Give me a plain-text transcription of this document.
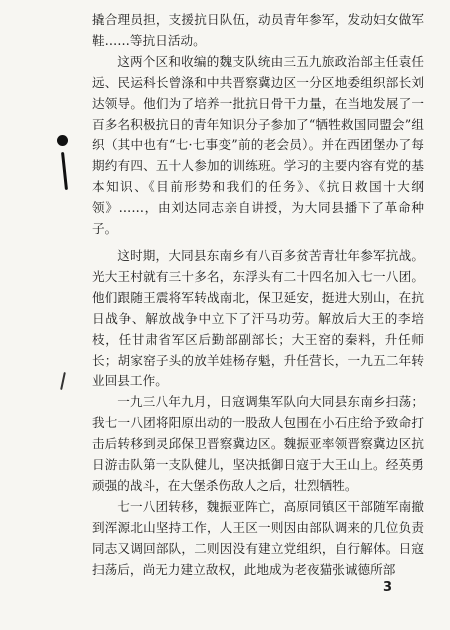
撬合理员担，支援抗日队伍，动员青年参军，发动妇女做军鞋……等抗日活动。

这两个区和收编的魏支队统由三五九旅政治部主任袁任远、民运科长曾涤和中共晋察冀边区一分区地委组织部长刘达领导。他们为了培养一批抗日骨干力量，在当地发展了一百多名积极抗日的青年知识分子参加了“牺牲救国同盟会”组织（其中也有“七·七事变”前的老会员）。并在西团堡办了每期约有四、五十人参加的训练班。学习的主要内容有党的基本知识、《目前形势和我们的任务》、《抗日救国十大纲领》……，由刘达同志亲自讲授，为大同县播下了革命种子。

这时期，大同县东南乡有八百多贫苦青壮年参军抗战。光大王村就有三十多名，东浮头有二十四名加入七一八团。他们跟随王震将军转战南北，保卫延安，挺进大别山，在抗日战争、解放战争中立下了汗马功劳。解放后大王的李培枝，任甘肃省军区后勤部副部长；大王窑的秦料，升任师长；胡家窑子头的放羊娃杨存魁，升任营长，一九五二年转业回县工作。

一九三八年九月，日寇调集军队向大同县东南乡扫荡；我七一八团将阳原出动的一股敌人包围在小石庄给予致命打击后转移到灵邱保卫晋察冀边区。魏振亚率领晋察冀边区抗日游击队第一支队健儿，坚决抵御日寇于大王山上。经英勇顽强的战斗，在大堡杀伤敌人之后，壮烈牺牲。

七一八团转移，魏振亚阵亡，高原同镇区干部随军南撤到浑源北山坚持工作，人王区一则因由部队调来的几位负责同志又调回部队，二则因没有建立党组织，自行解体。日寇扫荡后，尚无力建立敌权，此地成为老夜猫张诚德所部

3
